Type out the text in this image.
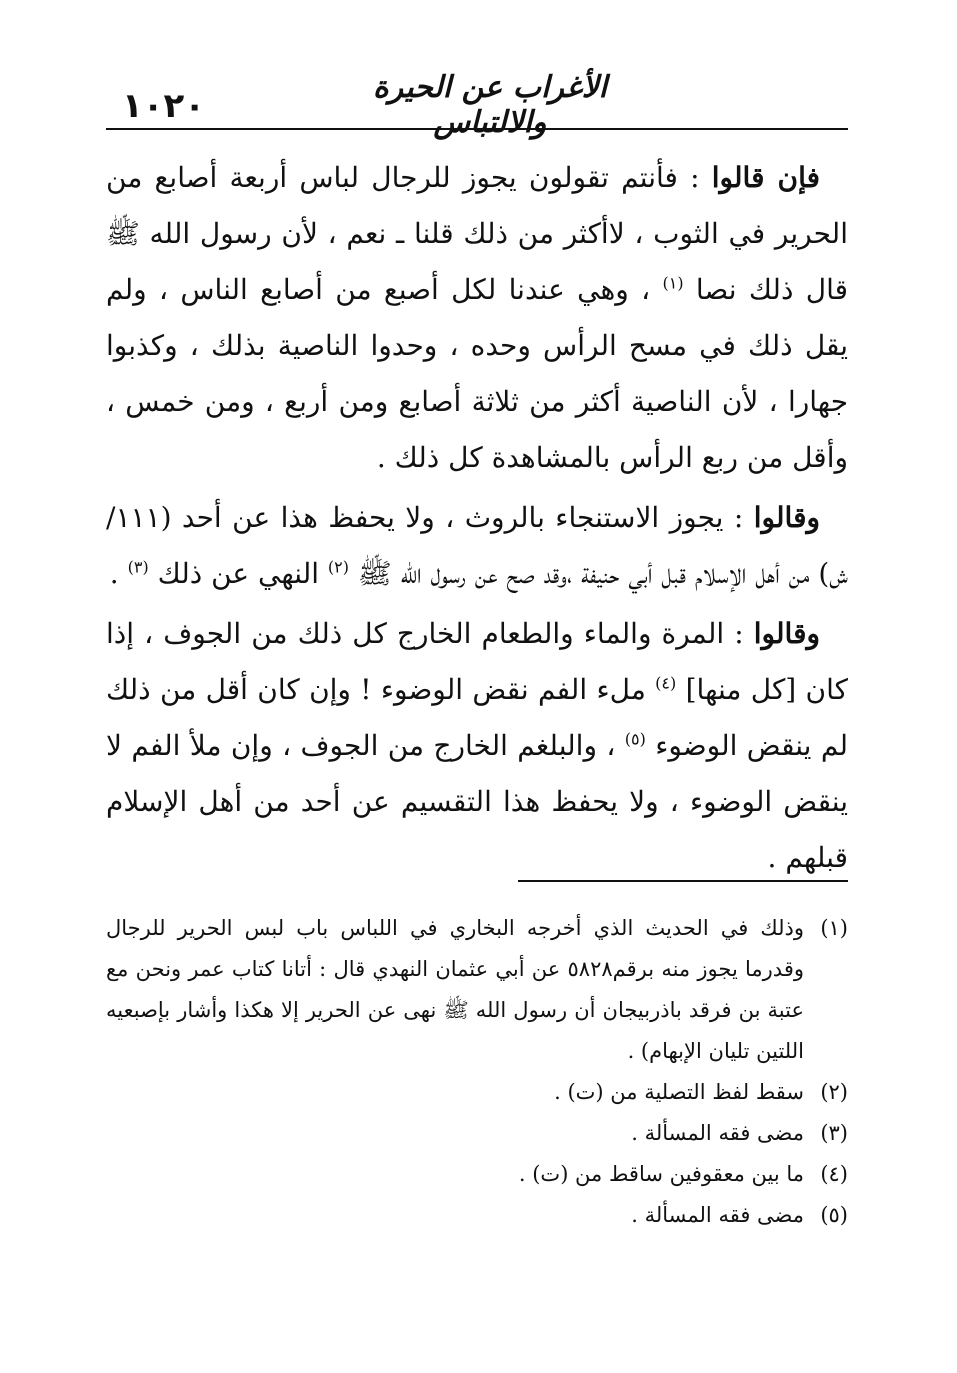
١٠٢٠	الأغراب عن الحيرة والالتباس

فإن قالوا : فأنتم تقولون يجوز للرجال لباس أربعة أصابع من الحرير في الثوب ، لاأكثر من ذلك قلنا ـ نعم ، لأن رسول الله ﷺ قال ذلك نصا $^{(١)}$ ، وهي عندنا لكل أصبع من أصابع الناس ، ولم يقل ذلك في مسح الرأس وحده ، وحدوا الناصية بذلك ، وكذبوا جهارا ، لأن الناصية أكثر من ثلاثة أصابع ومن أربع ، ومن خمس ، وأقل من ربع الرأس بالمشاهدة كل ذلك .

وقالوا : يجوز الاستنجاء بالروث ، ولا يحفظ هذا عن أحد (١١١/ ش) من أهل الإسلام قبل أبي حنيفة ،وقد صح عن رسول الله ﷺ $^{(٢)}$ النهي عن ذلك $^{(٣)}$ .

وقالوا : المرة والماء والطعام الخارج كل ذلك من الجوف ، إذا كان [كل منها] $^{(٤)}$ ملء الفم نقض الوضوء ! وإن كان أقل من ذلك لم ينقض الوضوء $^{(٥)}$ ، والبلغم الخارج من الجوف ، وإن ملأ الفم لا ينقض الوضوء ، ولا يحفظ هذا التقسيم عن أحد من أهل الإسلام قبلهم .

(١)
وذلك في الحديث الذي أخرجه البخاري في اللباس باب لبس الحرير للرجال وقدرما يجوز منه برقم٥٨٢٨ عن أبي عثمان النهدي قال : أتانا كتاب عمر ونحن مع عتبة بن فرقد باذربيجان أن رسول الله ﷺ نهى عن الحرير إلا هكذا وأشار بإصبعيه اللتين تليان الإبهام) .
(٢)
سقط لفظ التصلية من (ت) .
(٣)
مضى فقه المسألة .
(٤)
ما بين معقوفين ساقط من (ت) .
(٥)
مضى فقه المسألة .
